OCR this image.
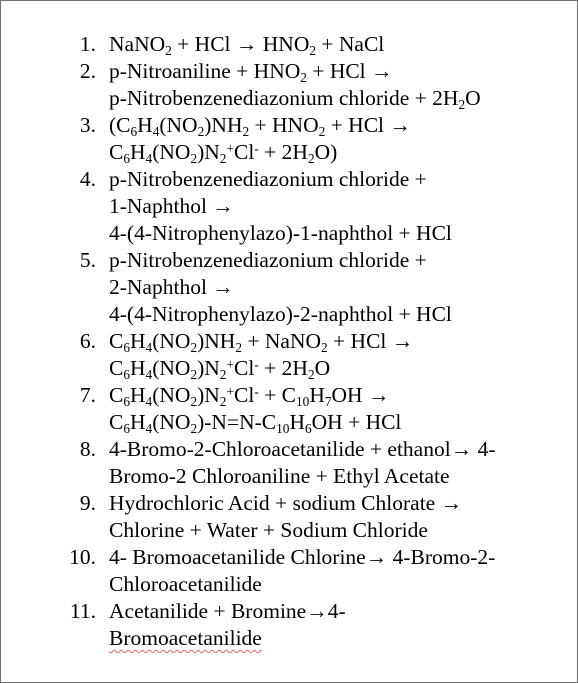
1. NaNO$_2$ + HCl → $HNO_2$ + NaCl
2. p-Nitroaniline + $HNO_2$ + HCl →
p-Nitrobenzenediazonium chloride + $2H_2O$
3. ($C_6H_4(NO_2)NH_2 + HNO_2$ + HCl →
$C_6H_4(NO_2)N_2^+Cl^- + 2H_2O$)
4. p-Nitrobenzenediazonium chloride +
1-Naphthol →
4-(4-Nitrophenylazo)-1-naphthol + HCl
5. p-Nitrobenzenediazonium chloride +
2-Naphthol →
4-(4-Nitrophenylazo)-2-naphthol + HCl
6. $C_6H_4(NO_2)NH_2$ + NaNO$_2$ + HCl →
$C_6H_4(NO_2)N_2^+Cl^- + 2H_2O$
7. $C_6H_4(NO_2)N_2^+Cl^- + C_{10}H_7OH$ →
$C_6H_4(NO_2)-N=N-C_{10}H_6OH$ + HCl
8. 4-Bromo-2-Chloroacetanilide + ethanol→ 4-
Bromo-2 Chloroaniline + Ethyl Acetate
9. Hydrochloric Acid + sodium Chlorate →
Chlorine + Water + Sodium Chloride
10. 4- Bromoacetanilide Chlorine→ 4-Bromo-2-
Chloroacetanilide
11. Acetanilide + Bromine→4-
Bromoacetanilide
